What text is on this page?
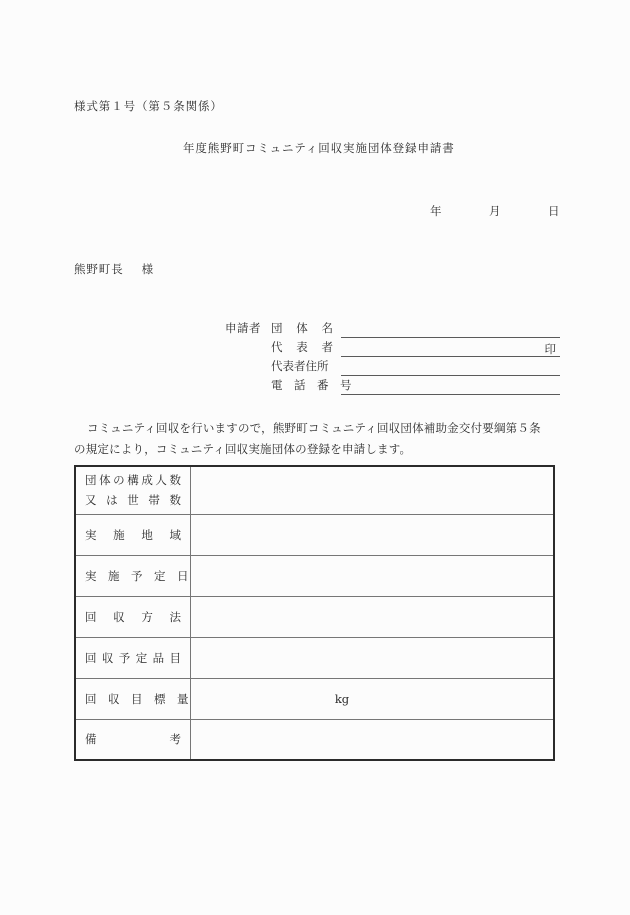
様式第１号（第５条関係）
年度熊野町コミュニティ回収実施団体登録申請書
年	月	日
熊野町長 様
申請者 団　体　名
代　表　者	印
代表者住所
電　話　番　号

コミュニティ回収を行いますので，熊野町コミュニティ回収団体補助金交付要綱第５条

の規定により，コミュニティ回収実施団体の登録を申請します。

団体の構成人数
又 は 世 帯 数	

実　施　地　域	
実　施　予　定　日	
回　収　方　法	
回収予定品目	
回　収　目　標　量	kg

備　　　　考	
